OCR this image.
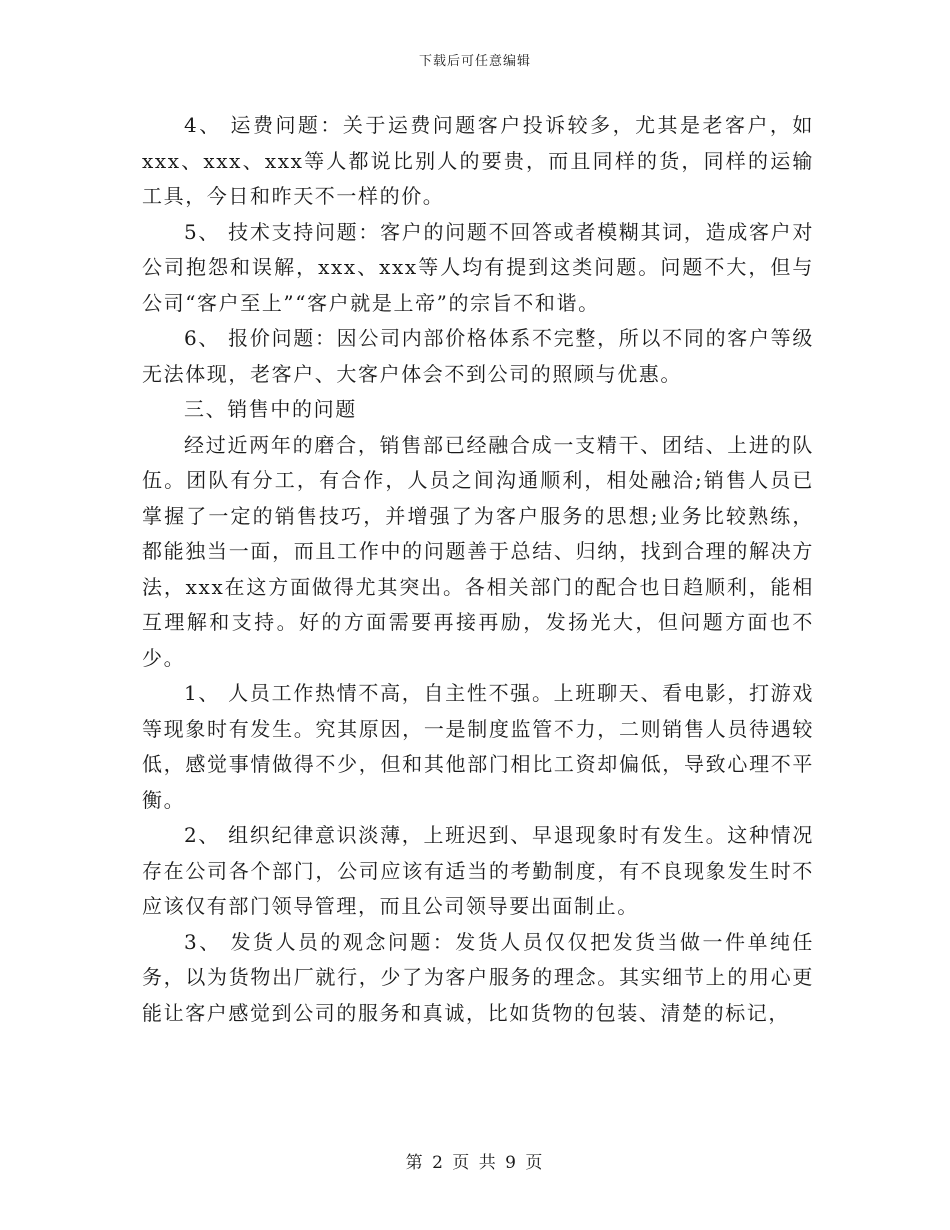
下载后可任意编辑

4、 运费问题：关于运费问题客户投诉较多，尤其是老客户，如xxx、xxx、xxx等人都说比别人的要贵，而且同样的货，同样的运输工具，今日和昨天不一样的价。

5、 技术支持问题：客户的问题不回答或者模糊其词，造成客户对公司抱怨和误解，xxx、xxx等人均有提到这类问题。问题不大，但与公司“客户至上”“客户就是上帝”的宗旨不和谐。

6、 报价问题：因公司内部价格体系不完整，所以不同的客户等级无法体现，老客户、大客户体会不到公司的照顾与优惠。

三、销售中的问题

经过近两年的磨合，销售部已经融合成一支精干、团结、上进的队伍。团队有分工，有合作，人员之间沟通顺利，相处融洽;销售人员已掌握了一定的销售技巧，并增强了为客户服务的思想;业务比较熟练，都能独当一面，而且工作中的问题善于总结、归纳，找到合理的解决方法，xxx在这方面做得尤其突出。各相关部门的配合也日趋顺利，能相互理解和支持。好的方面需要再接再励，发扬光大，但问题方面也不少。

1、 人员工作热情不高，自主性不强。上班聊天、看电影，打游戏等现象时有发生。究其原因，一是制度监管不力，二则销售人员待遇较低，感觉事情做得不少，但和其他部门相比工资却偏低，导致心理不平衡。

2、 组织纪律意识淡薄，上班迟到、早退现象时有发生。这种情况存在公司各个部门，公司应该有适当的考勤制度，有不良现象发生时不应该仅有部门领导管理，而且公司领导要出面制止。

3、 发货人员的观念问题：发货人员仅仅把发货当做一件单纯任务，以为货物出厂就行，少了为客户服务的理念。其实细节上的用心更能让客户感觉到公司的服务和真诚，比如货物的包装、清楚的标记，

第 2 页 共 9 页
